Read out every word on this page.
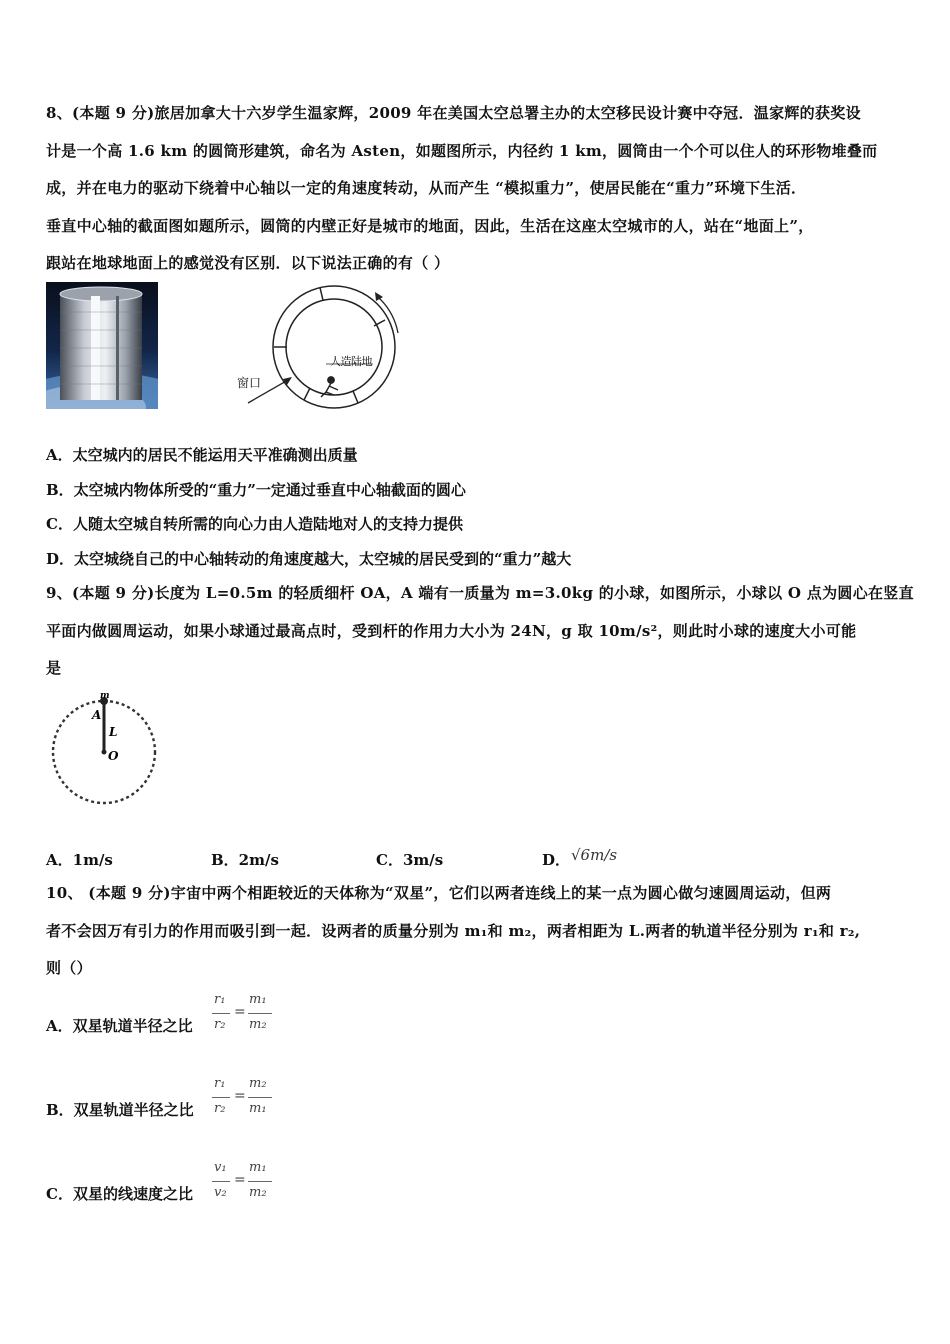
8、(本题 9 分)旅居加拿大十六岁学生温家辉，2009 年在美国太空总署主办的太空移民设计赛中夺冠．温家辉的获奖设
计是一个高 1.6 km 的圆筒形建筑，命名为 Asten，如题图所示，内径约 1 km，圆筒由一个个可以住人的环形物堆叠而
成，并在电力的驱动下绕着中心轴以一定的角速度转动，从而产生 “模拟重力”，使居民能在“重力”环境下生活．
垂直中心轴的截面图如题所示，圆筒的内壁正好是城市的地面，因此，生活在这座太空城市的人，站在“地面上”，
跟站在地球地面上的感觉没有区别．以下说法正确的有（ ）
窗口
人造陆地
A．太空城内的居民不能运用天平准确测出质量
B．太空城内物体所受的“重力”一定通过垂直中心轴截面的圆心
C．人随太空城自转所需的向心力由人造陆地对人的支持力提供
D．太空城绕自己的中心轴转动的角速度越大，太空城的居民受到的“重力”越大
9、(本题 9 分)长度为 L=0.5m 的轻质细杆 OA，A 端有一质量为 m=3.0kg 的小球，如图所示，小球以 O 点为圆心在竖直
平面内做圆周运动，如果小球通过最高点时，受到杆的作用力大小为 24N，g 取 10m/s²，则此时小球的速度大小可能
是
m
A
L
O
A．1m/s	B．2m/s	C．3m/s	D． √6m/s
10、 (本题 9 分)宇宙中两个相距较近的天体称为“双星”，它们以两者连线上的某一点为圆心做匀速圆周运动，但两
者不会因万有引力的作用而吸引到一起．设两者的质量分别为 m₁和 m₂，两者相距为 L.两者的轨道半径分别为 r₁和 r₂,
则（）
A．双星轨道半径之比
r₁
r₂
=
m₁
m₂
B．双星轨道半径之比
r₁
r₂
=
m₂
m₁
C．双星的线速度之比
v₁
v₂
=
m₁
m₂
